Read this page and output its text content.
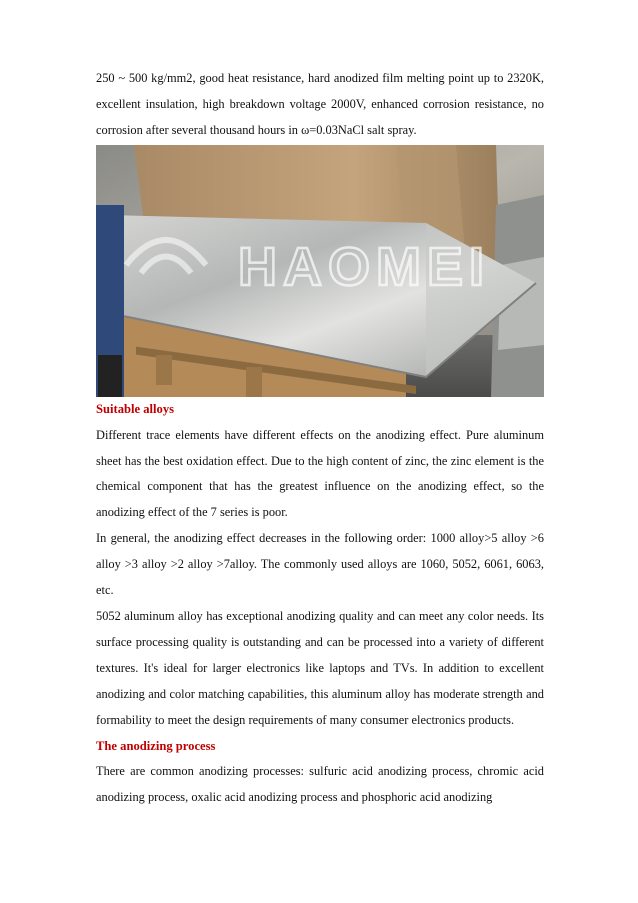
250 ~ 500 kg/mm2, good heat resistance, hard anodized film melting point up to 2320K, excellent insulation, high breakdown voltage 2000V, enhanced corrosion resistance, no corrosion after several thousand hours in ω=0.03NaCl salt spray.

HAOMEI

Suitable alloys

Different trace elements have different effects on the anodizing effect. Pure aluminum sheet has the best oxidation effect. Due to the high content of zinc, the zinc element is the chemical component that has the greatest influence on the anodizing effect, so the anodizing effect of the 7 series is poor.

In general, the anodizing effect decreases in the following order: 1000 alloy>5 alloy >6 alloy >3 alloy >2 alloy >7alloy. The commonly used alloys are 1060, 5052, 6061, 6063, etc.

5052 aluminum alloy has exceptional anodizing quality and can meet any color needs. Its surface processing quality is outstanding and can be processed into a variety of different textures. It's ideal for larger electronics like laptops and TVs. In addition to excellent anodizing and color matching capabilities, this aluminum alloy has moderate strength and formability to meet the design requirements of many consumer electronics products.

The anodizing process

There are common anodizing processes: sulfuric acid anodizing process, chromic acid anodizing process, oxalic acid anodizing process and phosphoric acid anodizing
